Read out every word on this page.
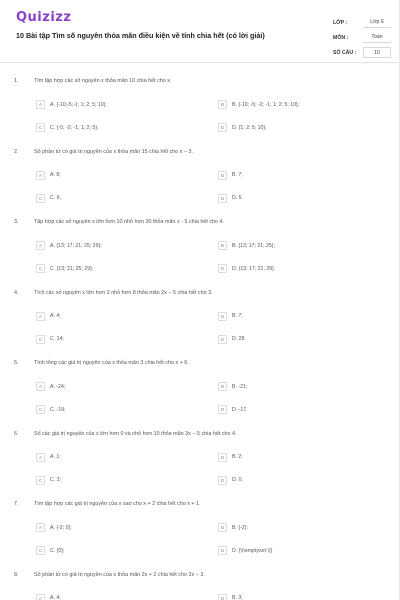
Quizizz
10 Bài tập Tìm số nguyên thỏa mãn điều kiện về tính chia hết (có lời giải)
LỚP :	Lớp 6
MÔN :	Toán
SỐ CÂU :	10
1.	Tìm tập hợp các số nguyên x thỏa mãn 10 chia hết cho x.
A	A. {-10;-5;-1; 1; 2; 5; 10};	B	B. {-10; -5; -2; -1; 1; 2; 5; 10};
C	C. {-5; -2; -1; 1; 2; 5};	D	D. {1; 2; 5; 10}.
2.	Số phần tử có giá trị nguyên của x thỏa mãn 15 chia hết cho x − 3.
A	A. 8;	B	B. 7;
C	C. 6;	D	D. 5.
3.	Tập hợp các số nguyên x lớn hơn 10 nhỏ hơn 30 thỏa mãn x - 5 chia hết cho 4.
A	A. {13; 17; 21; 25; 29};	B	B. {13; 17; 21; 25};
C	C. {13; 21; 25; 29};	D	D. {13; 17; 21; 29}.
4.	Tích các số nguyên x lớn hơn 2 nhỏ hơn 8 thỏa mãn 2x − 5 chia hết cho 3.
A	A. 4;	B	B. 7;
C	C. 14;	D	D. 28.
5.	Tính tổng các giá trị nguyên của x thỏa mãn 3 chia hết cho x + 6.
A	A. -24;	B	B. -21;
C	C. -19;	D	D. -17.
6.	Số các giá trị nguyên của x lớn hơn 0 và nhỏ hơn 10 thỏa mãn 3x − 5 chia hết cho 4.
A	A. 1;	B	B. 2;
C	C. 3;	D	D. 0.
7.	Tìm tập hợp các giá trị nguyên của x sao cho x + 2 chia hết cho x + 1.
A	A. {-2; 0};	B	B. {-2};
C	C. {0};	D	D. {\(\emptyset \)}
8.	Số phần tử có giá trị nguyên của x thỏa mãn 2x + 2 chia hết cho 2x − 3.
A	A. 4;	B	B. 3;
